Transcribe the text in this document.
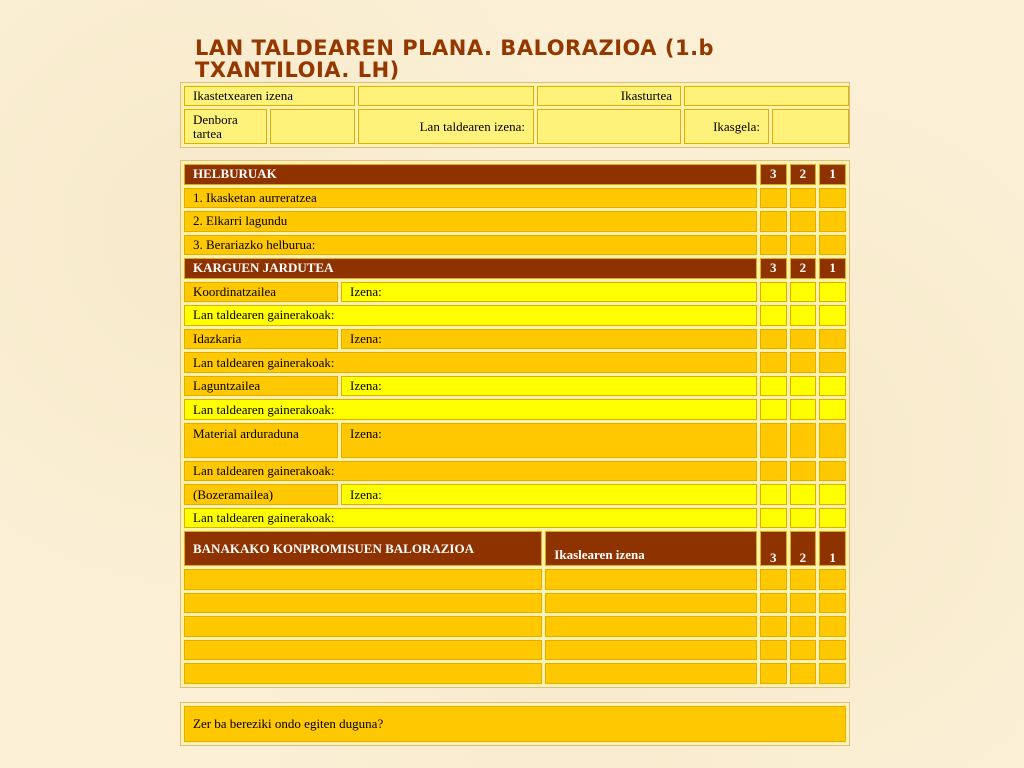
LAN TALDEAREN PLANA. BALORAZIOA (1.b TXANTILOIA. LH)
Ikastetxearen izena			Ikasturtea		
Denbora tartea		Lan taldearen izena:		Ikasgela:	
HELBURUAK			3	2	1
1. Ikasketan aurreratzea					
2. Elkarri lagundu					
3. Berariazko helburua:					
KARGUEN JARDUTEA			3	2	1
Koordinatzailea	Izena:				
Lan taldearen gainerakoak:					
Idazkaria	Izena:				
Lan taldearen gainerakoak:					
Laguntzailea	Izena:				
Lan taldearen gainerakoak:					
Material arduraduna	Izena:				
Lan taldearen gainerakoak:					
(Bozeramailea)	Izena:				
Lan taldearen gainerakoak:					
BANAKAKO KONPROMISUEN BALORAZIOA		Ikaslearen izena	3	2	1

Zer ba bereziki ondo egiten duguna?
